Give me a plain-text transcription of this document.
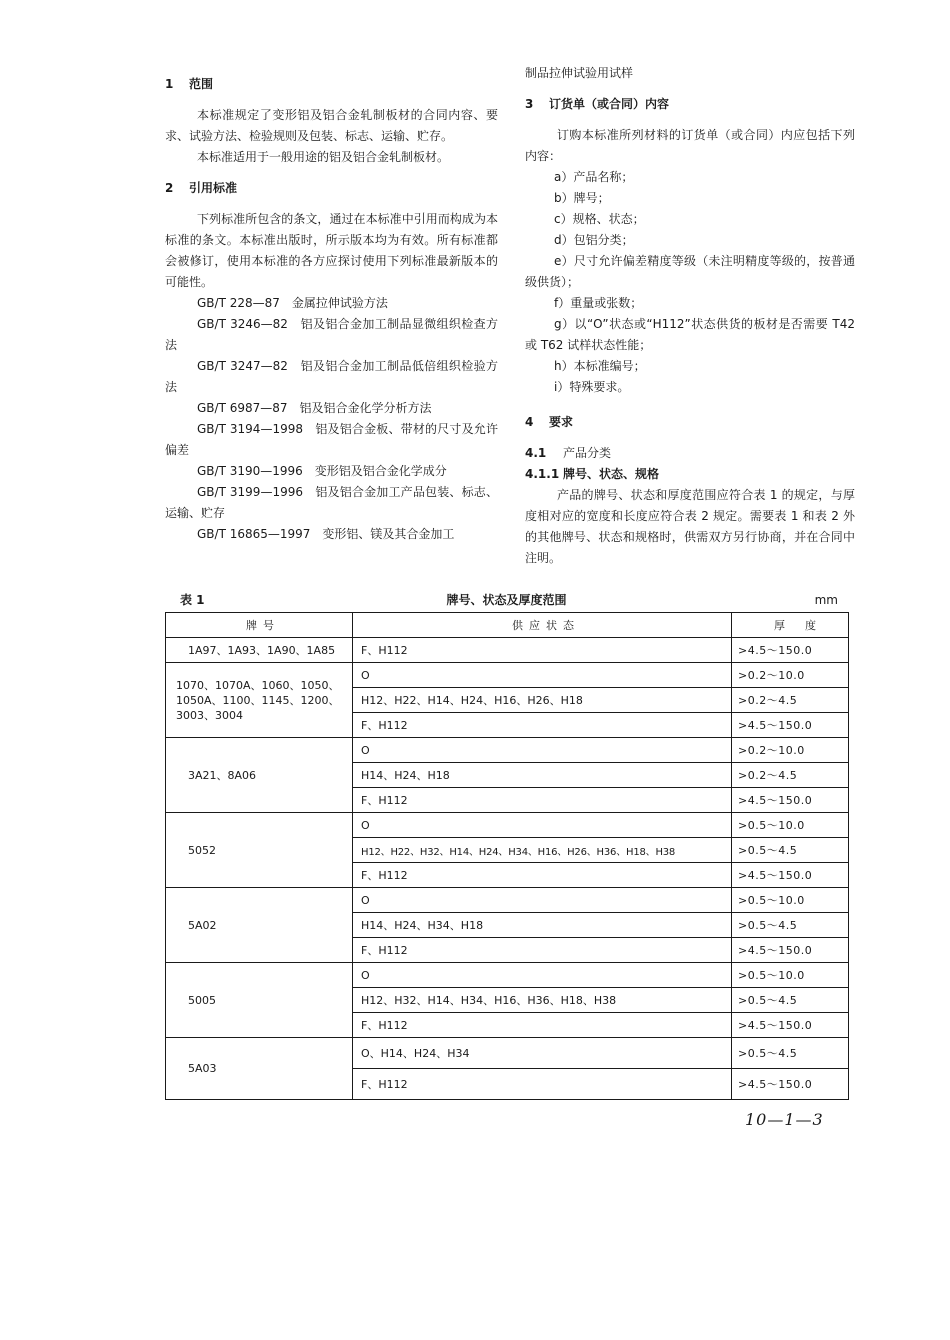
1 范围

本标准规定了变形铝及铝合金轧制板材的合同内容、要求、试验方法、检验规则及包装、标志、运输、贮存。

本标准适用于一般用途的铝及铝合金轧制板材。

2 引用标准

下列标准所包含的条文，通过在本标准中引用而构成为本标准的条文。本标准出版时，所示版本均为有效。所有标准都会被修订，使用本标准的各方应探讨使用下列标准最新版本的可能性。

GB/T 228—87　金属拉伸试验方法

GB/T 3246—82　铝及铝合金加工制品显微组织检查方法

GB/T 3247—82　铝及铝合金加工制品低倍组织检验方法

GB/T 6987—87　铝及铝合金化学分析方法

GB/T 3194—1998　铝及铝合金板、带材的尺寸及允许偏差

GB/T 3190—1996　变形铝及铝合金化学成分

GB/T 3199—1996　铝及铝合金加工产品包装、标志、运输、贮存

GB/T 16865—1997　变形铝、镁及其合金加工

制品拉伸试验用试样

3 订货单（或合同）内容

订购本标准所列材料的订货单（或合同）内应包括下列内容：

a）产品名称；

b）牌号；

c）规格、状态；

d）包铝分类；

e）尺寸允许偏差精度等级（未注明精度等级的，按普通级供货）；

f）重量或张数；

g）以“O”状态或“H112”状态供货的板材是否需要 T42 或 T62 试样状态性能；

h）本标准编号；

i）特殊要求。

4 要求

4.1 产品分类

4.1.1 牌号、状态、规格

产品的牌号、状态和厚度范围应符合表 1 的规定，与厚度相对应的宽度和长度应符合表 2 规定。需要表 1 和表 2 外的其他牌号、状态和规格时，供需双方另行协商，并在合同中注明。

表 1	牌号、状态及厚度范围	mm
牌号	供应状态	厚度
1A97、1A93、1A90、1A85	F、H112	>4.5～150.0
1070、1070A、1060、1050、1050A、1100、1145、1200、3003、3004	O	>0.2～10.0
	H12、H22、H14、H24、H16、H26、H18	>0.2～4.5
	F、H112	>4.5～150.0
3A21、8A06	O	>0.2～10.0
	H14、H24、H18	>0.2～4.5
	F、H112	>4.5～150.0
5052	O	>0.5～10.0
	H12、H22、H32、H14、H24、H34、H16、H26、H36、H18、H38	>0.5～4.5
	F、H112	>4.5～150.0
5A02	O	>0.5～10.0
	H14、H24、H34、H18	>0.5～4.5
	F、H112	>4.5～150.0
5005	O	>0.5～10.0
	H12、H32、H14、H34、H16、H36、H18、H38	>0.5～4.5
	F、H112	>4.5～150.0
5A03	O、H14、H24、H34	>0.5～4.5
	F、H112	>4.5～150.0
10—1—3
